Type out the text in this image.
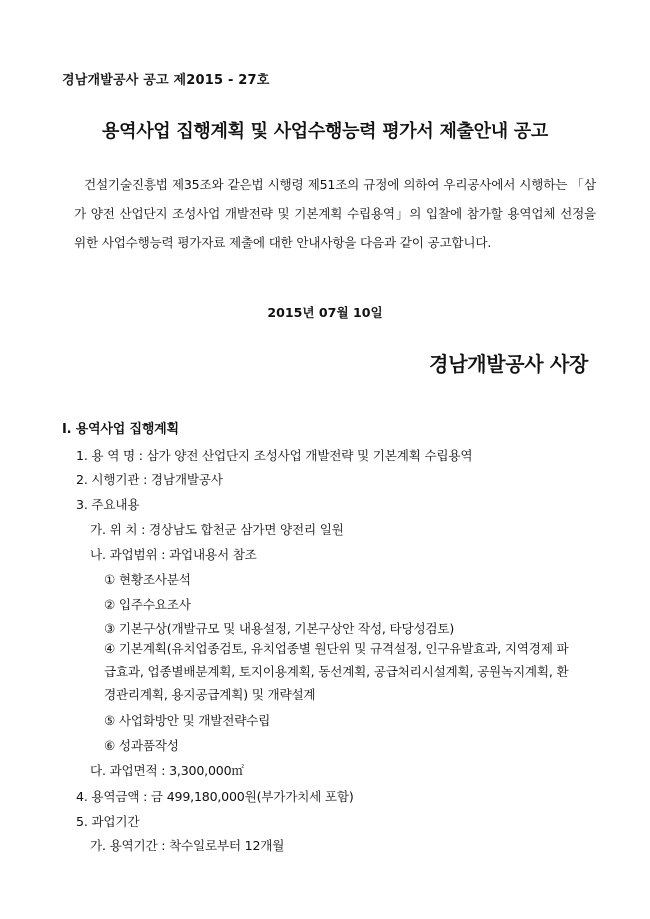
경남개발공사 공고 제2015 - 27호
용역사업 집행계획 및 사업수행능력 평가서 제출안내 공고
건설기술진흥법 제35조와 같은법 시행령 제51조의 규정에 의하여 우리공사에서 시행하는 「삼가 양전 산업단지 조성사업 개발전략 및 기본계획 수립용역」의 입찰에 참가할 용역업체 선정을 위한 사업수행능력 평가자료 제출에 대한 안내사항을 다음과 같이 공고합니다.
2015년 07월 10일
경남개발공사 사장
Ⅰ. 용역사업 집행계획
1. 용 역 명 : 삼가 양전 산업단지 조성사업 개발전략 및 기본계획 수립용역
2. 시행기관 : 경남개발공사
3. 주요내용
가. 위 치 : 경상남도 합천군 삼가면 양전리 일원
나. 과업범위 : 과업내용서 참조
① 현황조사분석
② 입주수요조사
③ 기본구상(개발규모 및 내용설정, 기본구상안 작성, 타당성검토)
④ 기본계획(유치업종검토, 유치업종별 원단위 및 규격설정, 인구유발효과, 지역경제 파급효과, 업종별배분계획, 토지이용계획, 동선계획, 공급처리시설계획, 공원녹지계획, 환경관리계획, 용지공급계획) 및 개략설계
⑤ 사업화방안 및 개발전략수립
⑥ 성과품작성
다. 과업면적 : 3,300,000㎡
4. 용역금액 : 금 499,180,000원(부가가치세 포함)
5. 과업기간
가. 용역기간 : 착수일로부터 12개월
